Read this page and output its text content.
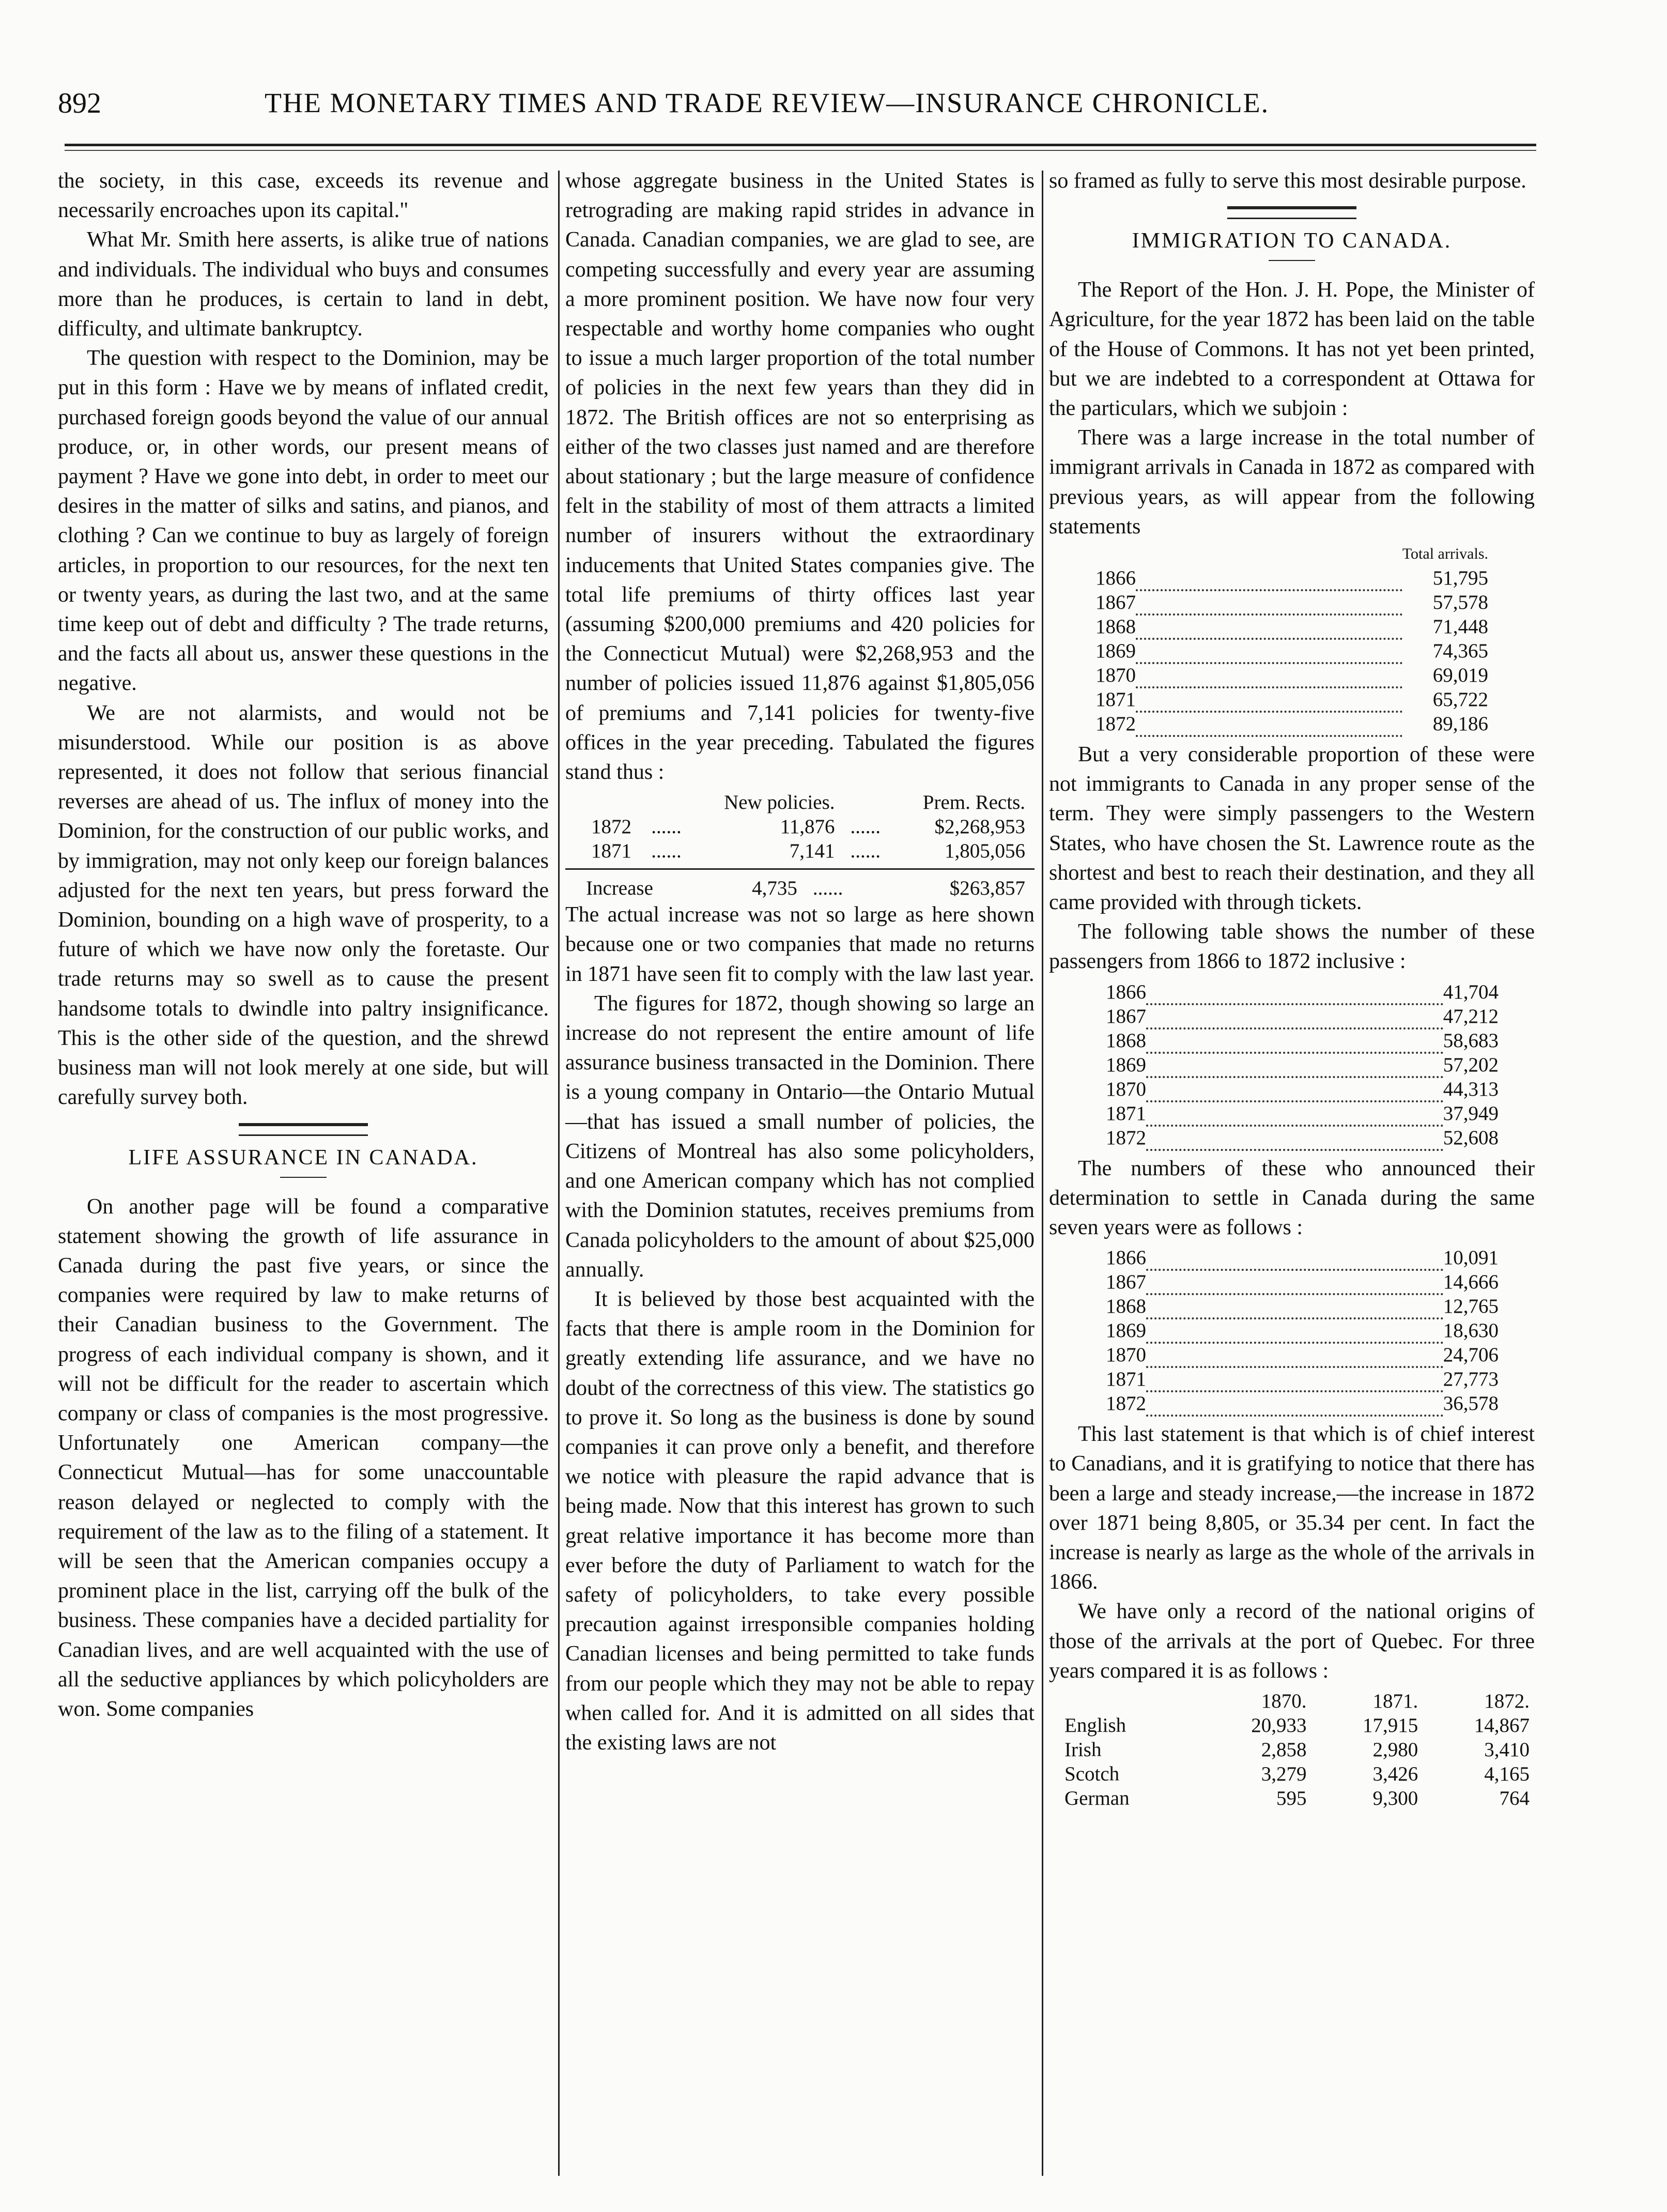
892	THE MONETARY TIMES AND TRADE REVIEW—INSURANCE CHRONICLE.

the society, in this case, exceeds its revenue and necessarily encroaches upon its capital."

What Mr. Smith here asserts, is alike true of nations and individuals. The individual who buys and consumes more than he produces, is certain to land in debt, difficulty, and ultimate bankruptcy.

The question with respect to the Dominion, may be put in this form : Have we by means of inflated credit, purchased foreign goods beyond the value of our annual produce, or, in other words, our present means of payment ? Have we gone into debt, in order to meet our desires in the matter of silks and satins, and pianos, and clothing ? Can we continue to buy as largely of foreign articles, in proportion to our resources, for the next ten or twenty years, as during the last two, and at the same time keep out of debt and difficulty ? The trade returns, and the facts all about us, answer these questions in the negative.

We are not alarmists, and would not be misunderstood. While our position is as above represented, it does not follow that serious financial reverses are ahead of us. The influx of money into the Dominion, for the construction of our public works, and by immigration, may not only keep our foreign balances adjusted for the next ten years, but press forward the Dominion, bounding on a high wave of prosperity, to a future of which we have now only the foretaste. Our trade returns may so swell as to cause the present handsome totals to dwindle into paltry insignificance. This is the other side of the question, and the shrewd business man will not look merely at one side, but will carefully survey both.

LIFE ASSURANCE IN CANADA.

On another page will be found a comparative statement showing the growth of life assurance in Canada during the past five years, or since the companies were required by law to make returns of their Canadian business to the Government. The progress of each individual company is shown, and it will not be difficult for the reader to ascertain which company or class of companies is the most progressive. Unfortunately one American company—the Connecticut Mutual—has for some unaccountable reason delayed or neglected to comply with the requirement of the law as to the filing of a statement. It will be seen that the American companies occupy a prominent place in the list, carrying off the bulk of the business. These companies have a decided partiality for Canadian lives, and are well acquainted with the use of all the seductive appliances by which policyholders are won. Some companies

whose aggregate business in the United States is retrograding are making rapid strides in advance in Canada. Canadian companies, we are glad to see, are competing successfully and every year are assuming a more prominent position. We have now four very respectable and worthy home companies who ought to issue a much larger proportion of the total number of policies in the next few years than they did in 1872. The British offices are not so enterprising as either of the two classes just named and are therefore about stationary ; but the large measure of confidence felt in the stability of most of them attracts a limited number of insurers without the extraordinary inducements that United States companies give. The total life premiums of thirty offices last year (assuming $200,000 premiums and 420 policies for the Connecticut Mutual) were $2,268,953 and the number of policies issued 11,876 against $1,805,056 of premiums and 7,141 policies for twenty-five offices in the year preceding. Tabulated the figures stand thus :

		New policies.		Prem. Rects.
1872	......	11,876	......	$2,268,953
1871	......	7,141	......	1,805,056
Increase	4,735	......	$263,857

The actual increase was not so large as here shown because one or two companies that made no returns in 1871 have seen fit to comply with the law last year.

The figures for 1872, though showing so large an increase do not represent the entire amount of life assurance business transacted in the Dominion. There is a young company in Ontario—the Ontario Mutual—that has issued a small number of policies, the Citizens of Montreal has also some policyholders, and one American company which has not complied with the Dominion statutes, receives premiums from Canada policyholders to the amount of about $25,000 annually.

It is believed by those best acquainted with the facts that there is ample room in the Dominion for greatly extending life assurance, and we have no doubt of the correctness of this view. The statistics go to prove it. So long as the business is done by sound companies it can prove only a benefit, and therefore we notice with pleasure the rapid advance that is being made. Now that this interest has grown to such great relative importance it has become more than ever before the duty of Parliament to watch for the safety of policyholders, to take every possible precaution against irresponsible companies holding Canadian licenses and being permitted to take funds from our people which they may not be able to repay when called for. And it is admitted on all sides that the existing laws are not

so framed as fully to serve this most desirable purpose.

IMMIGRATION TO CANADA.

The Report of the Hon. J. H. Pope, the Minister of Agriculture, for the year 1872 has been laid on the table of the House of Commons. It has not yet been printed, but we are indebted to a correspondent at Ottawa for the particulars, which we subjoin :

There was a large increase in the total number of immigrant arrivals in Canada in 1872 as compared with previous years, as will appear from the following statements

		Total arrivals.
1866		51,795
1867		57,578
1868		71,448
1869		74,365
1870		69,019
1871		65,722
1872		89,186

But a very considerable proportion of these were not immigrants to Canada in any proper sense of the term. They were simply passengers to the Western States, who have chosen the St. Lawrence route as the shortest and best to reach their destination, and they all came provided with through tickets.

The following table shows the number of these passengers from 1866 to 1872 inclusive :

1866		41,704
1867		47,212
1868		58,683
1869		57,202
1870		44,313
1871		37,949
1872		52,608

The numbers of these who announced their determination to settle in Canada during the same seven years were as follows :

1866		10,091
1867		14,666
1868		12,765
1869		18,630
1870		24,706
1871		27,773
1872		36,578

This last statement is that which is of chief interest to Canadians, and it is gratifying to notice that there has been a large and steady increase,—the increase in 1872 over 1871 being 8,805, or 35.34 per cent. In fact the increase is nearly as large as the whole of the arrivals in 1866.

We have only a record of the national origins of those of the arrivals at the port of Quebec. For three years compared it is as follows :

	1870.	1871.	1872.
English	20,933	17,915	14,867
Irish	2,858	2,980	3,410
Scotch	3,279	3,426	4,165
German	595	9,300	764
